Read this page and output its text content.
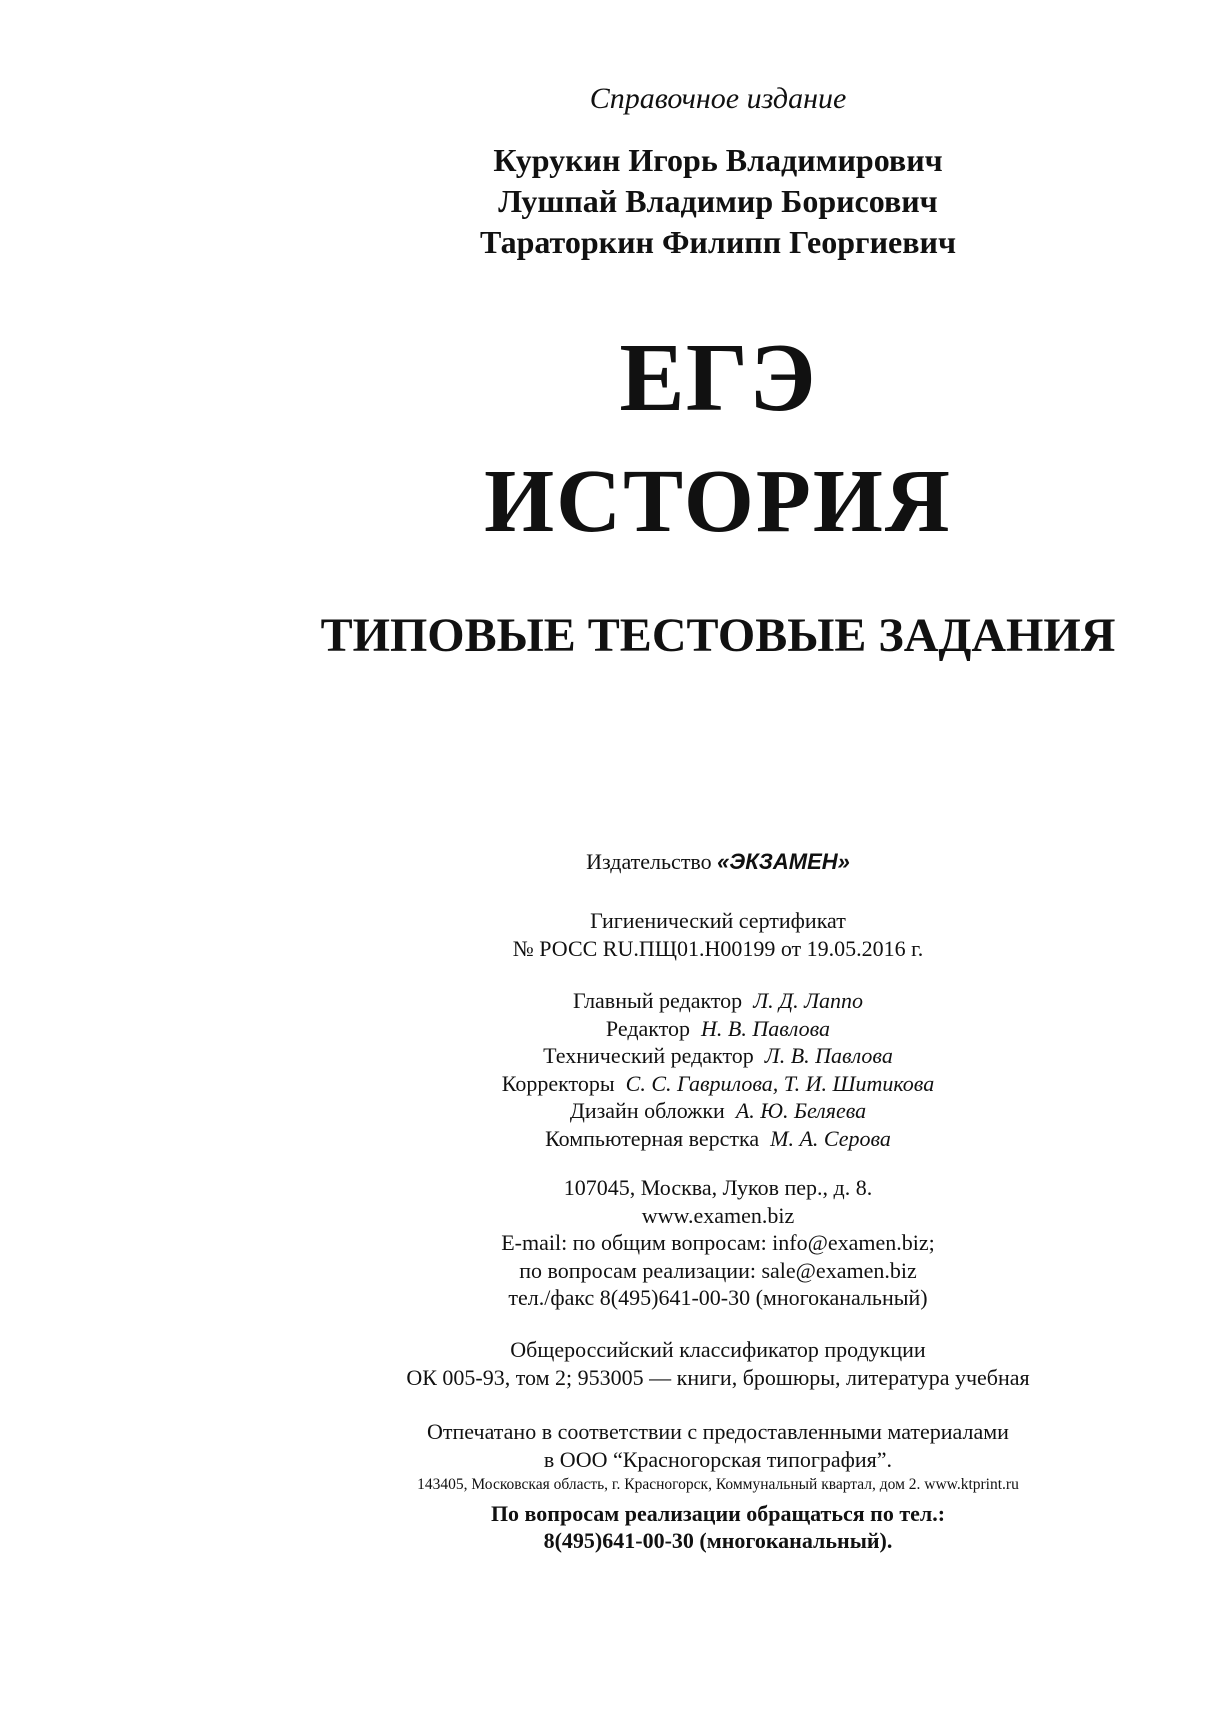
Справочное издание
Курукин Игорь Владимирович
Лушпай Владимир Борисович
Тараторкин Филипп Георгиевич
ЕГЭ
ИСТОРИЯ
ТИПОВЫЕ ТЕСТОВЫЕ ЗАДАНИЯ
Издательство «ЭКЗАМЕН»
Гигиенический сертификат
№ РОСС RU.ПЩ01.Н00199 от 19.05.2016 г.
Главный редактор Л. Д. Лаппо
Редактор Н. В. Павлова
Технический редактор Л. В. Павлова
Корректоры С. С. Гаврилова, Т. И. Шитикова
Дизайн обложки А. Ю. Беляева
Компьютерная верстка М. А. Серова
107045, Москва, Луков пер., д. 8.
www.examen.biz
E-mail: по общим вопросам: info@examen.biz;
по вопросам реализации: sale@examen.biz
тел./факс 8(495)641-00-30 (многоканальный)
Общероссийский классификатор продукции
ОК 005-93, том 2; 953005 — книги, брошюры, литература учебная
Отпечатано в соответствии с предоставленными материалами
в ООО “Красногорская типография”.
143405, Московская область, г. Красногорск, Коммунальный квартал, дом 2. www.ktprint.ru
По вопросам реализации обращаться по тел.:
8(495)641-00-30 (многоканальный).
